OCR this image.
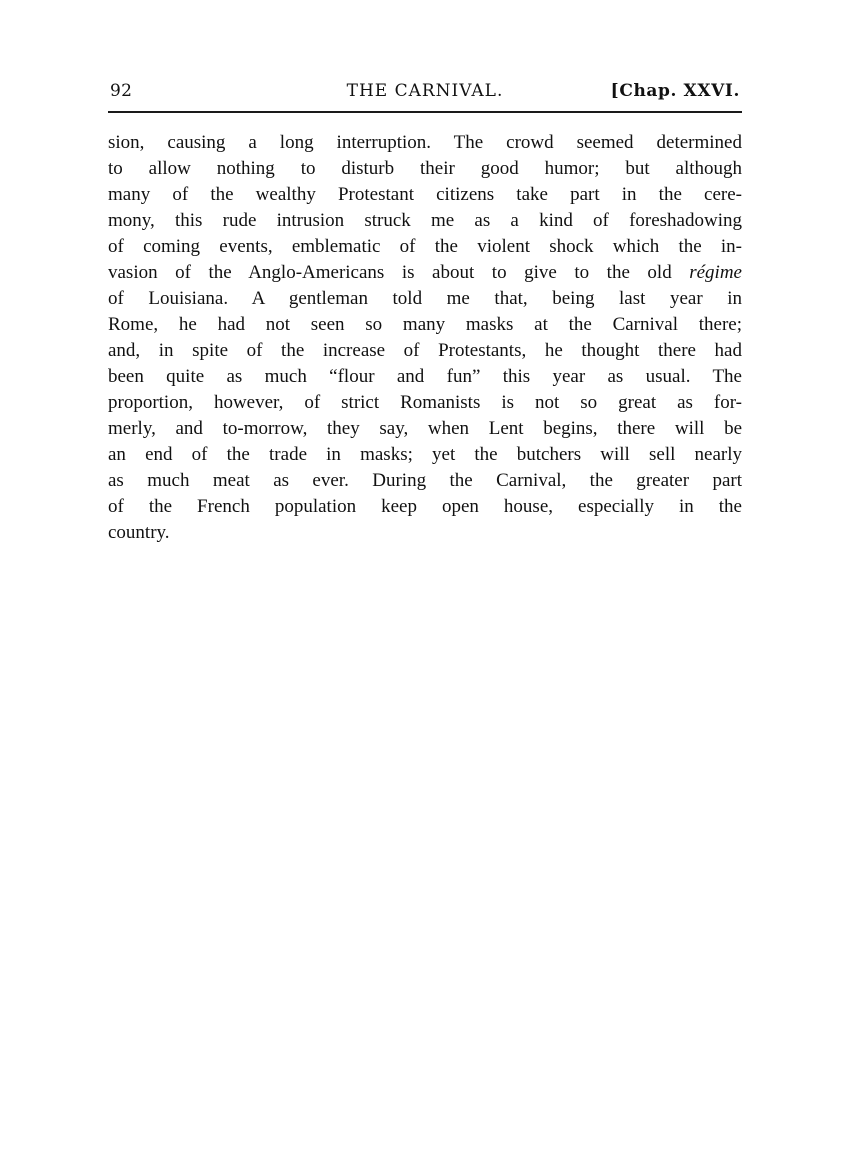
92	THE CARNIVAL.	[Chap. XXVI.
sion, causing a long interruption. The crowd seemed determined
to allow nothing to disturb their good humor; but although
many of the wealthy Protestant citizens take part in the cere-
mony, this rude intrusion struck me as a kind of foreshadowing
of coming events, emblematic of the violent shock which the in-
vasion of the Anglo-Americans is about to give to the old régime
of Louisiana. A gentleman told me that, being last year in
Rome, he had not seen so many masks at the Carnival there;
and, in spite of the increase of Protestants, he thought there had
been quite as much “flour and fun” this year as usual. The
proportion, however, of strict Romanists is not so great as for-
merly, and to-morrow, they say, when Lent begins, there will be
an end of the trade in masks; yet the butchers will sell nearly
as much meat as ever. During the Carnival, the greater part
of the French population keep open house, especially in the
country.
